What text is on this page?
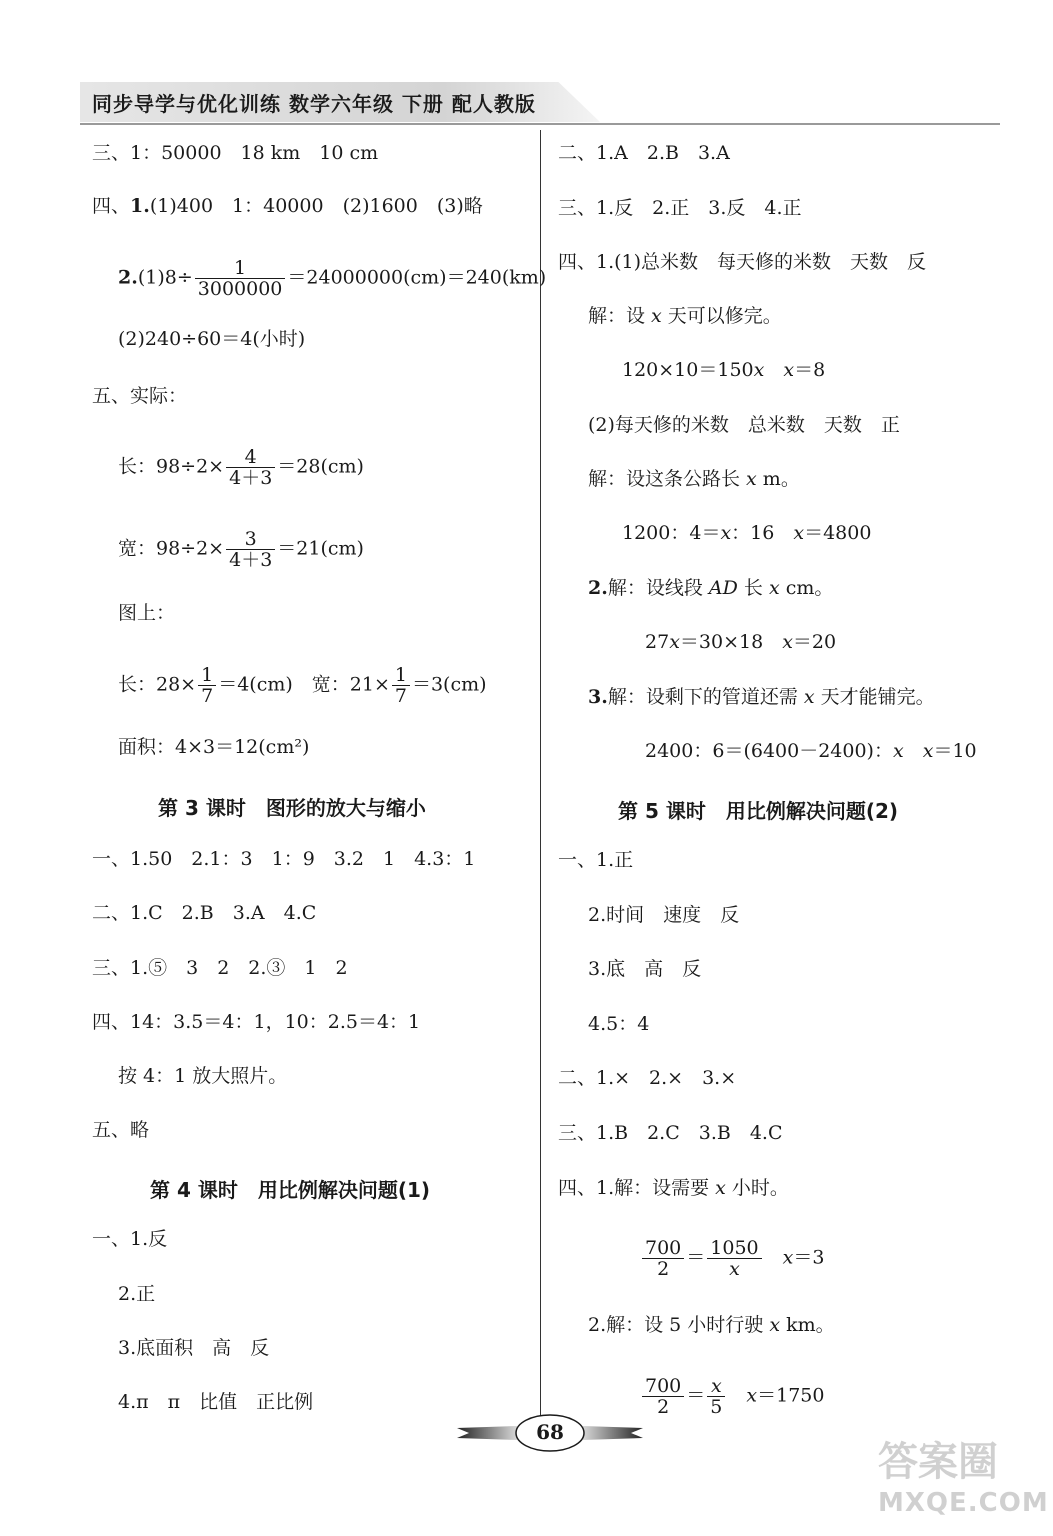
同步导学与优化训练 数学六年级 下册 配人教版
三、1：50000　18 km　10 cm
四、1.(1)400　1：40000　(2)1600　(3)略
$2.(1)8\div \frac{1}{3000000} =24000000(cm)=240(km)$
(2)240÷60＝4(小时)
五、实际：
长：$98\div 2\times \frac{4}{4+3} =28(cm)$
宽：$98\div 2\times \frac{3}{4+3} =21(cm)$
图上：
长：$28\times \frac{1}{7} =4(cm)$　宽：$21\times \frac{1}{7} =3(cm)$
面积：4×3＝12(cm²)
第 3 课时　图形的放大与缩小
一、1.50　2.1：3　1：9　3.2　1　4.3：1
二、1.C　2.B　3.A　4.C
三、1.⑤　3　2　2.③　1　2
四、14：3.5＝4：1，10：2.5＝4：1
按 4：1 放大照片。
五、略
第 4 课时　用比例解决问题(1)
一、1.反
2.正
3.底面积　高　反
4.π　π　比值　正比例
二、1.A　2.B　3.A
三、1.反　2.正　3.反　4.正
四、1.(1)总米数　每天修的米数　天数　反
解：设 x 天可以修完。
120×10＝150x　 x＝8
(2)每天修的米数　总米数　天数　正
解：设这条公路长 x m。
1200：4＝x：16　x＝4800
2.解：设线段 AD 长 x cm。
27x＝30×18　x＝20
3.解：设剩下的管道还需 x 天才能铺完。
2400：6＝(6400－2400)：x　 x＝10
第 5 课时　用比例解决问题(2)
一、1.正
2.时间　速度　反
3.底　高　反
4.5：4
二、1.×　2.×　3.×
三、1.B　2.C　3.B　4.C
四、1.解：设需要 x 小时。
$\frac{700}{2} = \frac{1050}{x}$
　 x＝3
2.解：设 5 小时行驶 x km。
$\frac{700}{2} = \frac{x}{5}$
　 x＝1750
68
答案圈
MXQE.COM
